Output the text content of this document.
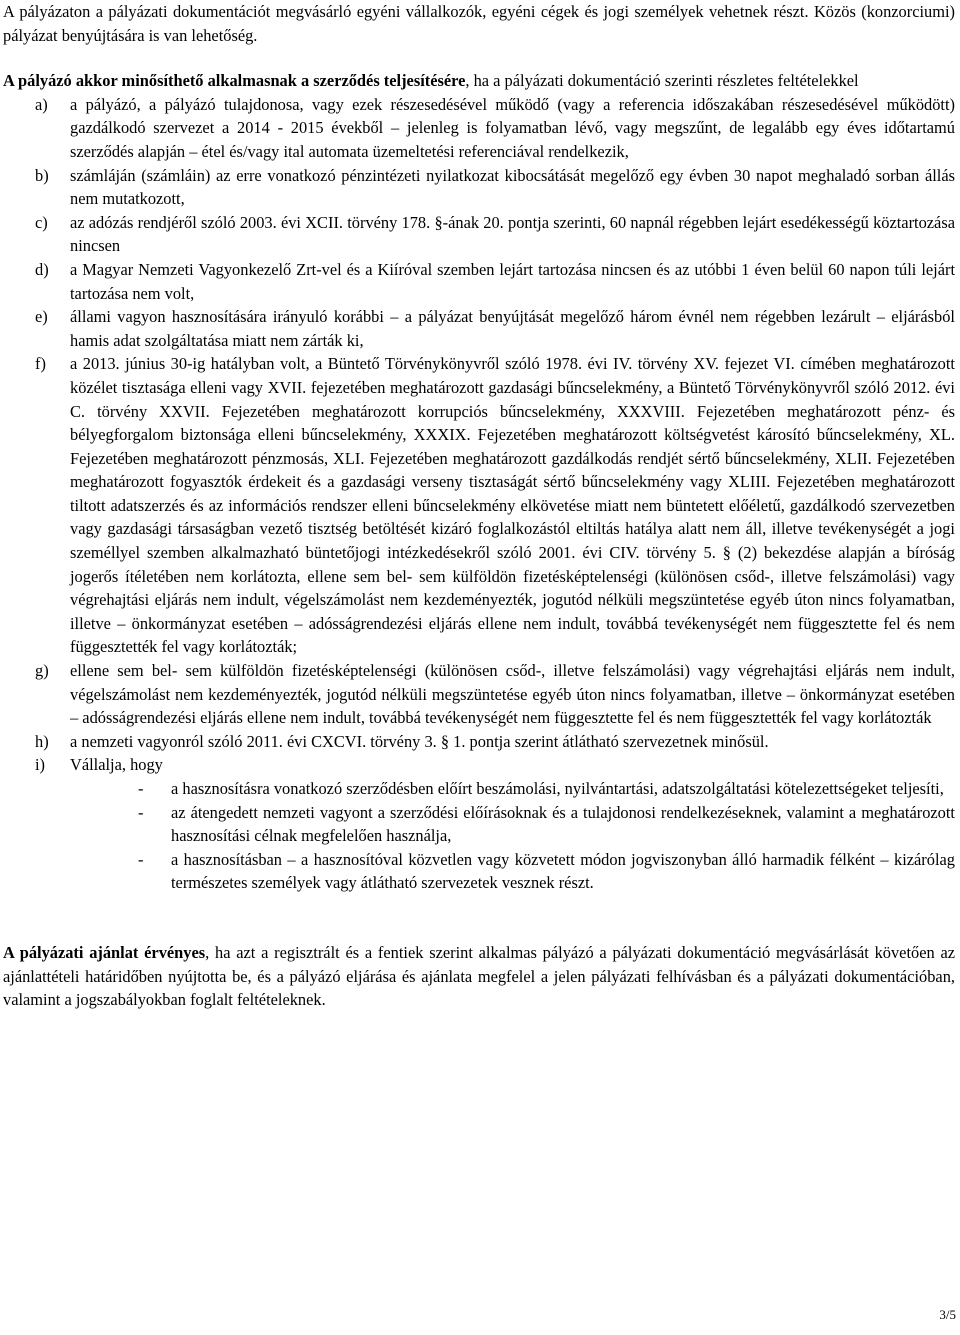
A pályázaton a pályázati dokumentációt megvásárló egyéni vállalkozók, egyéni cégek és jogi személyek vehetnek részt. Közös (konzorciumi) pályázat benyújtására is van lehetőség.

A pályázó akkor minősíthető alkalmasnak a szerződés teljesítésére, ha a pályázati dokumentáció szerinti részletes feltételekkel

a) a pályázó, a pályázó tulajdonosa, vagy ezek részesedésével működő (vagy a referencia időszakában részesedésével működött) gazdálkodó szervezet a 2014 - 2015 évekből – jelenleg is folyamatban lévő, vagy megszűnt, de legalább egy éves időtartamú szerződés alapján – étel és/vagy ital automata üzemeltetési referenciával rendelkezik,
b) számláján (számláin) az erre vonatkozó pénzintézeti nyilatkozat kibocsátását megelőző egy évben 30 napot meghaladó sorban állás nem mutatkozott,
c) az adózás rendjéről szóló 2003. évi XCII. törvény 178. §-ának 20. pontja szerinti, 60 napnál régebben lejárt esedékességű köztartozása nincsen
d) a Magyar Nemzeti Vagyonkezelő Zrt-vel és a Kiíróval szemben lejárt tartozása nincsen és az utóbbi 1 éven belül 60 napon túli lejárt tartozása nem volt,
e) állami vagyon hasznosítására irányuló korábbi – a pályázat benyújtását megelőző három évnél nem régebben lezárult – eljárásból hamis adat szolgáltatása miatt nem zárták ki,
f) a 2013. június 30-ig hatályban volt, a Büntető Törvénykönyvről szóló 1978. évi IV. törvény XV. fejezet VI. címében meghatározott közélet tisztasága elleni vagy XVII. fejezetében meghatározott gazdasági bűncselekmény, a Büntető Törvénykönyvről szóló 2012. évi C. törvény XXVII. Fejezetében meghatározott korrupciós bűncselekmény, XXXVIII. Fejezetében meghatározott pénz- és bélyegforgalom biztonsága elleni bűncselekmény, XXXIX. Fejezetében meghatározott költségvetést károsító bűncselekmény, XL. Fejezetében meghatározott pénzmosás, XLI. Fejezetében meghatározott gazdálkodás rendjét sértő bűncselekmény, XLII. Fejezetében meghatározott fogyasztók érdekeit és a gazdasági verseny tisztaságát sértő bűncselekmény vagy XLIII. Fejezetében meghatározott tiltott adatszerzés és az információs rendszer elleni bűncselekmény elkövetése miatt nem büntetett előéletű, gazdálkodó szervezetben vagy gazdasági társaságban vezető tisztség betöltését kizáró foglalkozástól eltiltás hatálya alatt nem áll, illetve tevékenységét a jogi személlyel szemben alkalmazható büntetőjogi intézkedésekről szóló 2001. évi CIV. törvény 5. § (2) bekezdése alapján a bíróság jogerős ítéletében nem korlátozta, ellene sem bel- sem külföldön fizetésképtelenségi (különösen csőd-, illetve felszámolási) vagy végrehajtási eljárás nem indult, végelszámolást nem kezdeményezték, jogutód nélküli megszüntetése egyéb úton nincs folyamatban, illetve – önkormányzat esetében – adósságrendezési eljárás ellene nem indult, továbbá tevékenységét nem függesztette fel és nem függesztették fel vagy korlátozták;
g) ellene sem bel- sem külföldön fizetésképtelenségi (különösen csőd-, illetve felszámolási) vagy végrehajtási eljárás nem indult, végelszámolást nem kezdeményezték, jogutód nélküli megszüntetése egyéb úton nincs folyamatban, illetve – önkormányzat esetében – adósságrendezési eljárás ellene nem indult, továbbá tevékenységét nem függesztette fel és nem függesztették fel vagy korlátozták
h) a nemzeti vagyonról szóló 2011. évi CXCVI. törvény 3. § 1. pontja szerint átlátható szervezetnek minősül.
i) Vállalja, hogy
- a hasznosításra vonatkozó szerződésben előírt beszámolási, nyilvántartási, adatszolgáltatási kötelezettségeket teljesíti,
- az átengedett nemzeti vagyont a szerződési előírásoknak és a tulajdonosi rendelkezéseknek, valamint a meghatározott hasznosítási célnak megfelelően használja,
- a hasznosításban – a hasznosítóval közvetlen vagy közvetett módon jogviszonyban álló harmadik félként – kizárólag természetes személyek vagy átlátható szervezetek vesznek részt.

A pályázati ajánlat érvényes, ha azt a regisztrált és a fentiek szerint alkalmas pályázó a pályázati dokumentáció megvásárlását követően az ajánlattételi határidőben nyújtotta be, és a pályázó eljárása és ajánlata megfelel a jelen pályázati felhívásban és a pályázati dokumentációban, valamint a jogszabályokban foglalt feltételeknek.

3/5
